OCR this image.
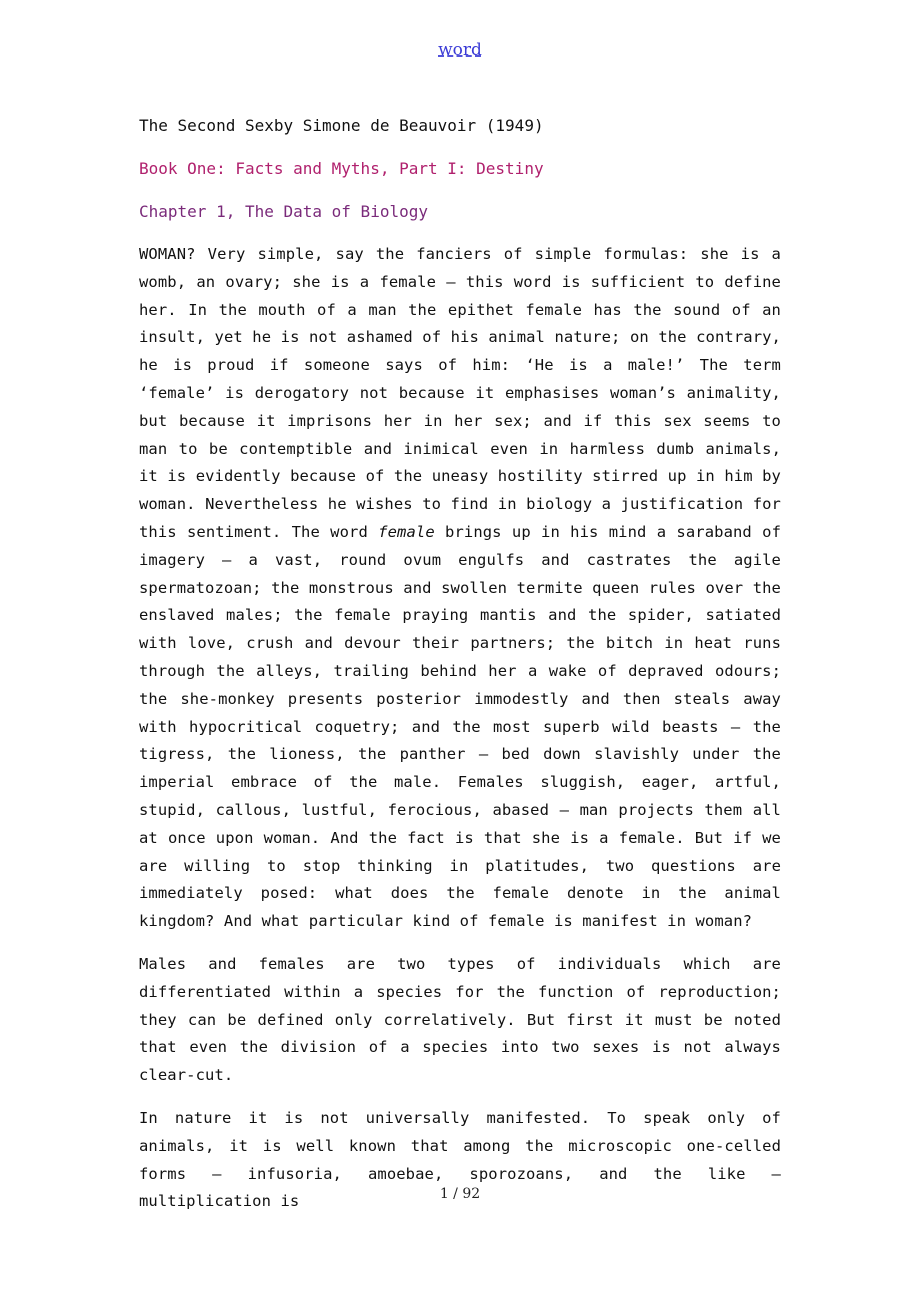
word
The Second Sexby Simone de Beauvoir (1949)
Book One: Facts and Myths, Part I: Destiny
Chapter 1, The Data of Biology

WOMAN? Very simple, say the fanciers of simple formulas: she is a womb, an ovary; she is a female – this word is sufficient to define her. In the mouth of a man the epithet female has the sound of an insult, yet he is not ashamed of his animal nature; on the contrary, he is proud if someone says of him: ‘He is a male!’ The term ‘female’ is derogatory not because it emphasises woman’s animality, but because it imprisons her in her sex; and if this sex seems to man to be contemptible and inimical even in harmless dumb animals, it is evidently because of the uneasy hostility stirred up in him by woman. Nevertheless he wishes to find in biology a justification for this sentiment. The word female brings up in his mind a saraband of imagery – a vast, round ovum engulfs and castrates the agile spermatozoan; the monstrous and swollen termite queen rules over the enslaved males; the female praying mantis and the spider, satiated with love, crush and devour their partners; the bitch in heat runs through the alleys, trailing behind her a wake of depraved odours; the she-monkey presents posterior immodestly and then steals away with hypocritical coquetry; and the most superb wild beasts – the tigress, the lioness, the panther – bed down slavishly under the imperial embrace of the male. Females sluggish, eager, artful, stupid, callous, lustful, ferocious, abased – man projects them all at once upon woman. And the fact is that she is a female. But if we are willing to stop thinking in platitudes, two questions are immediately posed: what does the female denote in the animal kingdom? And what particular kind of female is manifest in woman?

Males and females are two types of individuals which are differentiated within a species for the function of reproduction; they can be defined only correlatively. But first it must be noted that even the division of a species into two sexes is not always clear-cut.

In nature it is not universally manifested. To speak only of animals, it is well known that among the microscopic one-celled forms – infusoria, amoebae, sporozoans, and the like – multiplication is	1 / 92
